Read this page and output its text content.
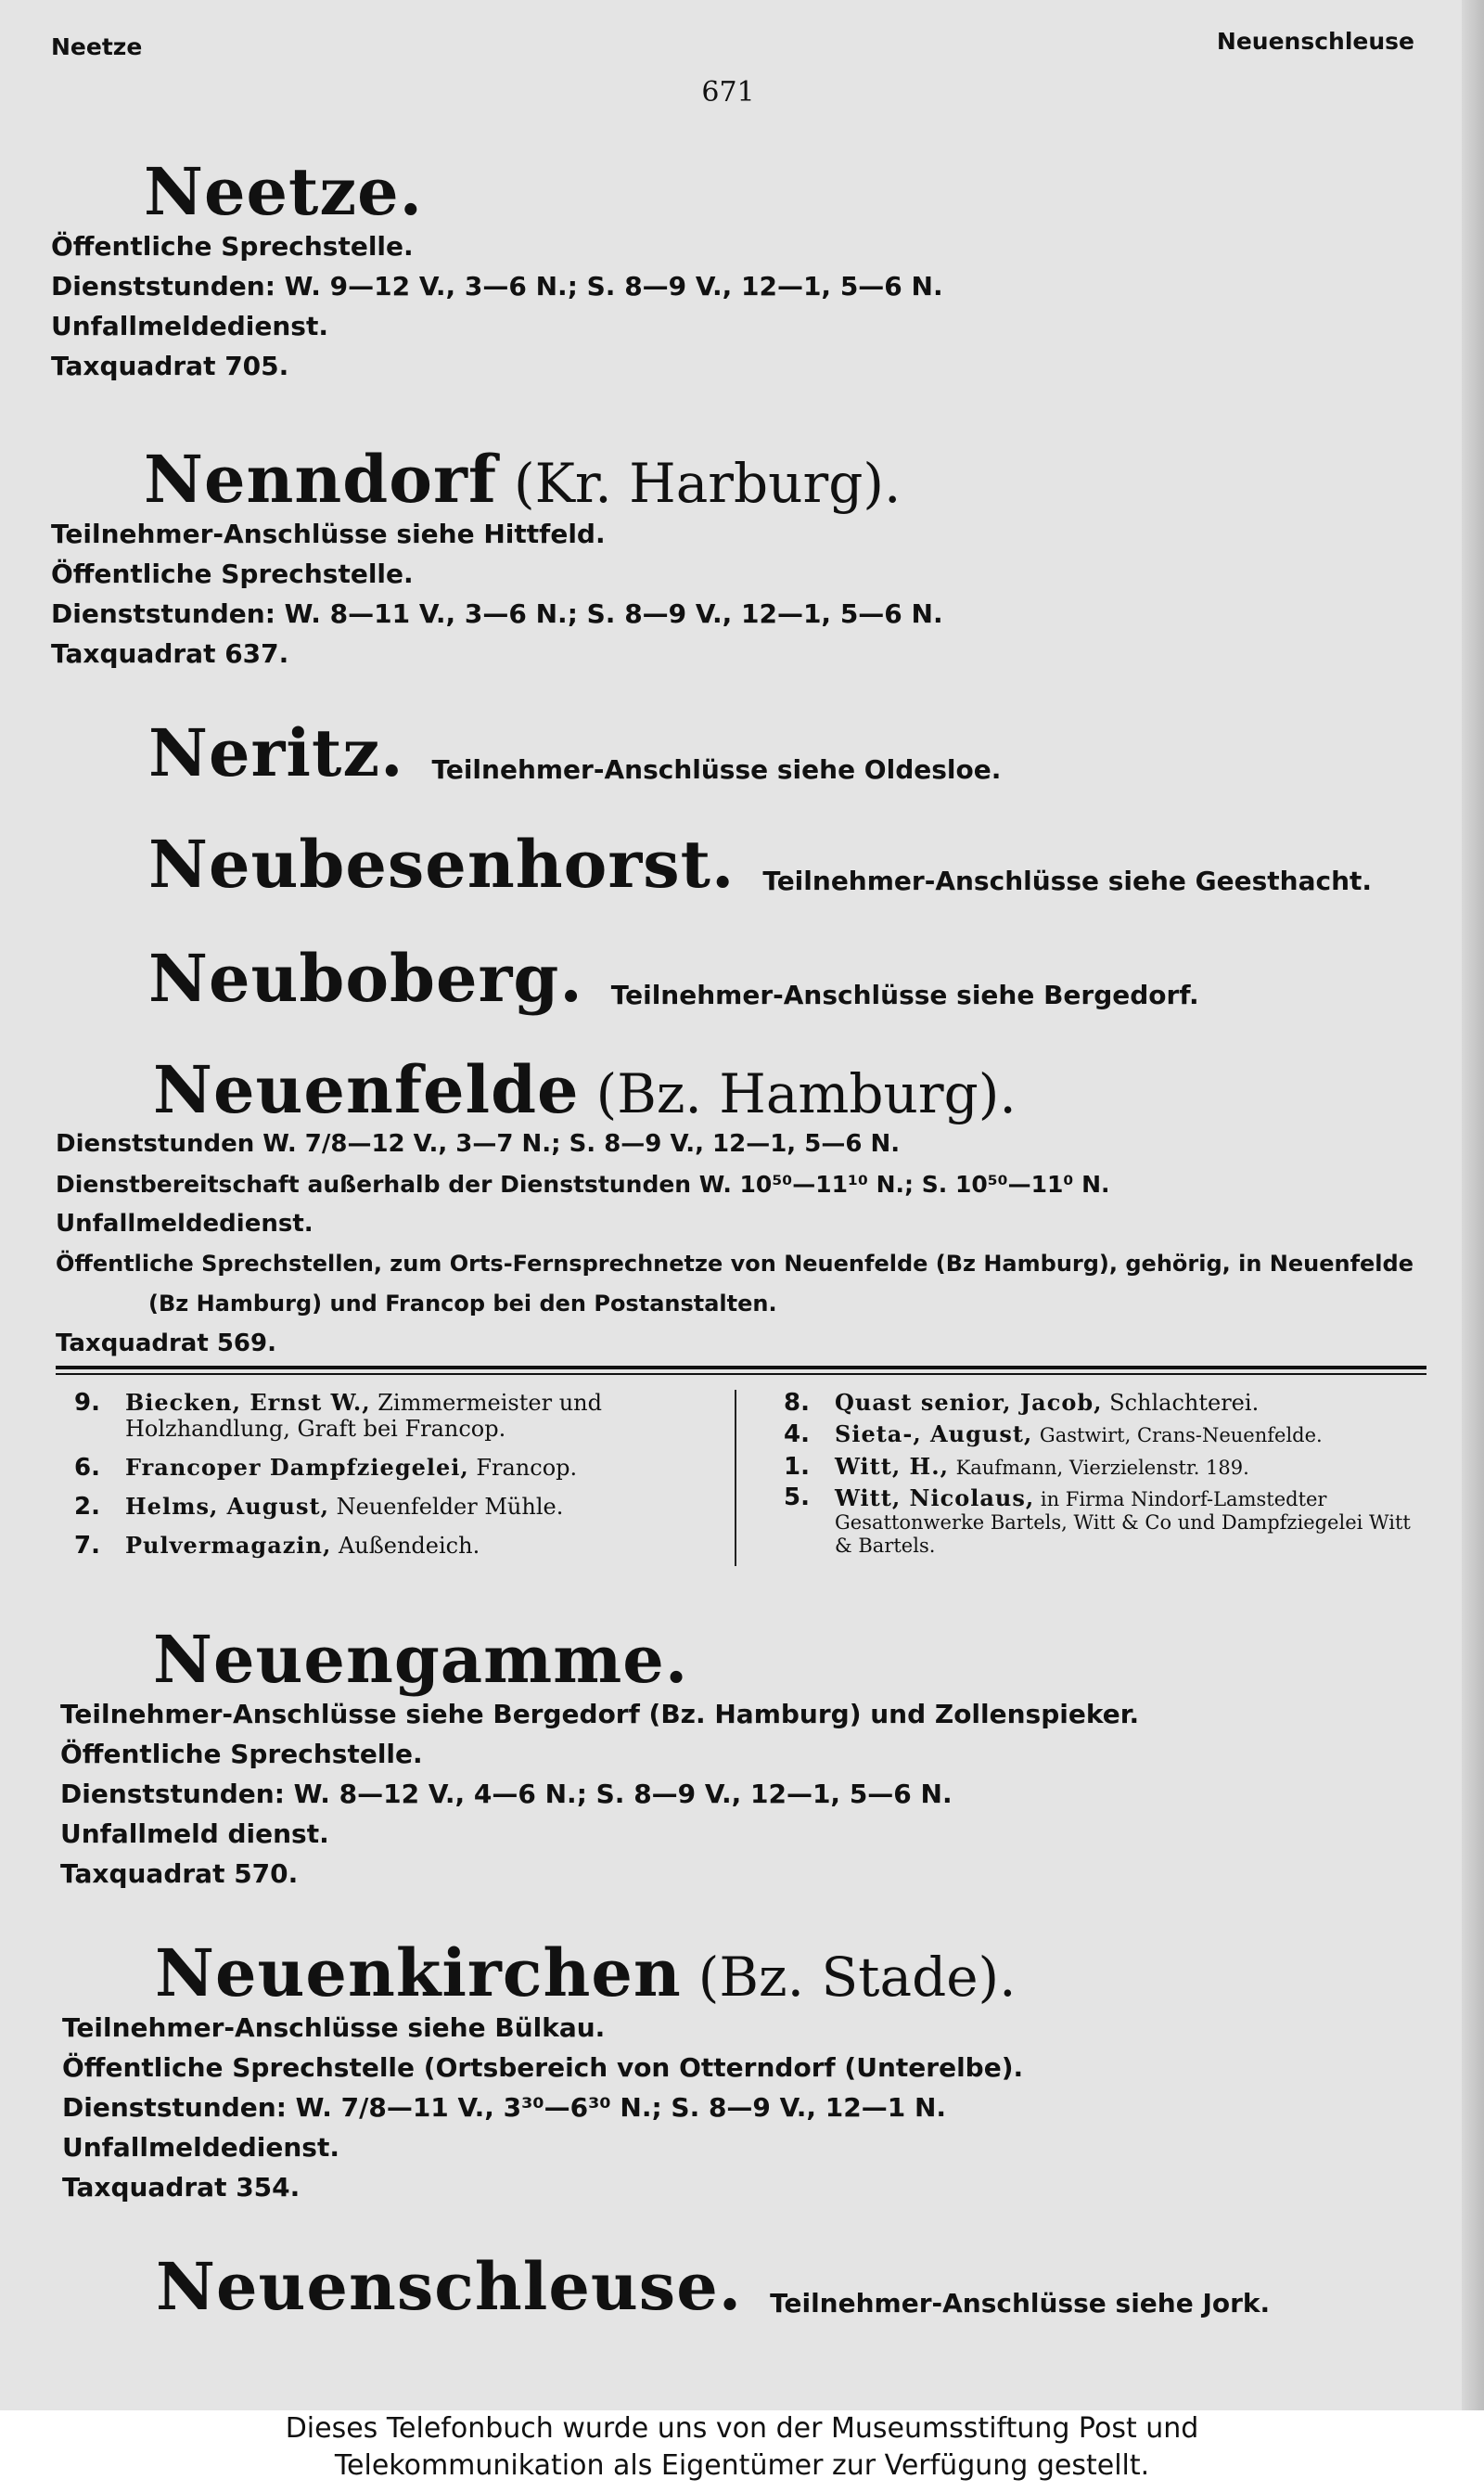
Neetze	Neuenschleuse
671
Neetze.
Öffentliche Sprechstelle.
Dienststunden: W. 9—12 V., 3—6 N.; S. 8—9 V., 12—1, 5—6 N.
Unfallmeldedienst.
Taxquadrat 705.
Nenndorf (Kr. Harburg).
Teilnehmer-Anschlüsse siehe Hittfeld.
Öffentliche Sprechstelle.
Dienststunden: W. 8—11 V., 3—6 N.; S. 8—9 V., 12—1, 5—6 N.
Taxquadrat 637.
Neritz. Teilnehmer-Anschlüsse siehe Oldesloe.
Neubesenhorst. Teilnehmer-Anschlüsse siehe Geesthacht.
Neuboberg. Teilnehmer-Anschlüsse siehe Bergedorf.
Neuenfelde (Bz. Hamburg).
Dienststunden W. 7/8—12 V., 3—7 N.; S. 8—9 V., 12—1, 5—6 N.
Dienstbereitschaft außerhalb der Dienststunden W. 10⁵⁰—11¹⁰ N.; S. 10⁵⁰—11⁰ N.
Unfallmeldedienst.
Öffentliche Sprechstellen, zum Orts-Fernsprechnetze von Neuenfelde (Bz Hamburg), gehörig, in Neuenfelde
(Bz Hamburg) und Francop bei den Postanstalten.
Taxquadrat 569.
9. Biecken, Ernst W., Zimmermeister und Holzhandlung, Graft bei Francop.
6. Francoper Dampfziegelei, Francop.
2. Helms, August, Neuenfelder Mühle.
7. Pulvermagazin, Außendeich.
8. Quast senior, Jacob, Schlachterei.
4. Sieta-, August, Gastwirt, Crans-Neuenfelde.
1. Witt, H., Kaufmann, Vierzielenstr. 189.
5. Witt, Nicolaus, in Firma Nindorf-Lamstedter Gesattonwerke Bartels, Witt & Co und Dampfziegelei Witt & Bartels.
Neuengamme.
Teilnehmer-Anschlüsse siehe Bergedorf (Bz. Hamburg) und Zollenspieker.
Öffentliche Sprechstelle.
Dienststunden: W. 8—12 V., 4—6 N.; S. 8—9 V., 12—1, 5—6 N.
Unfallmeld dienst.
Taxquadrat 570.
Neuenkirchen (Bz. Stade).
Teilnehmer-Anschlüsse siehe Bülkau.
Öffentliche Sprechstelle (Ortsbereich von Otterndorf (Unterelbe).
Dienststunden: W. 7/8—11 V., 3³⁰—6³⁰ N.; S. 8—9 V., 12—1 N.
Unfallmeldedienst.
Taxquadrat 354.
Neuenschleuse. Teilnehmer-Anschlüsse siehe Jork.
Dieses Telefonbuch wurde uns von der Museumsstiftung Post und
Telekommunikation als Eigentümer zur Verfügung gestellt.
